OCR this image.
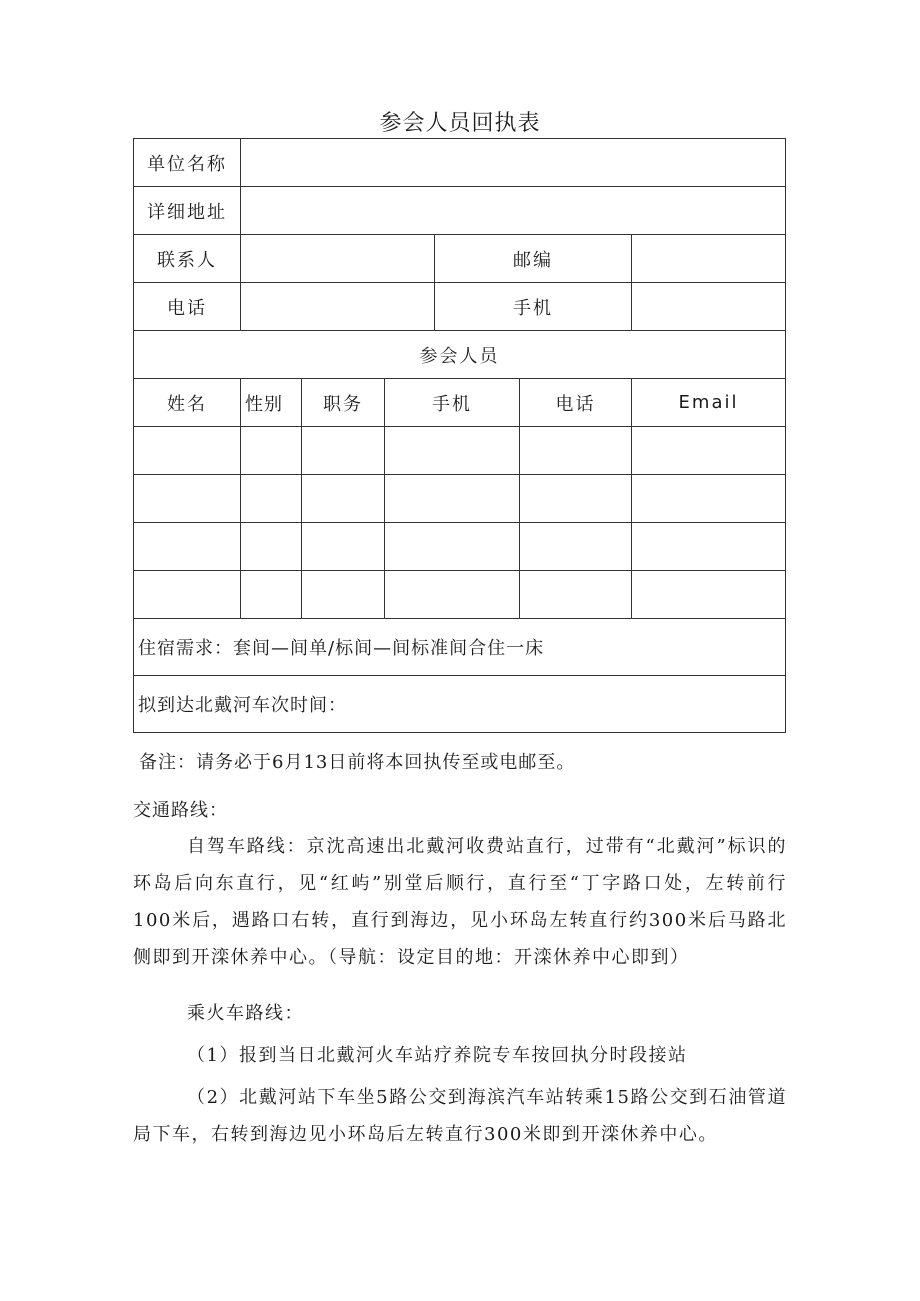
参会人员回执表
单位名称						
详细地址						
联系人				邮编		
电话				手机		
参会人员						
姓名	性别	职务	手机		电话	Email

住宿需求：套间—间单/标间—间标准间合住一床						
拟到达北戴河车次时间：						
备注：请务必于6月13日前将本回执传至或电邮至。
交通路线：
自驾车路线：京沈高速出北戴河收费站直行，过带有“北戴河”标识的环岛后向东直行，见“红屿”别堂后顺行，直行至“丁字路口处，左转前行100米后，遇路口右转，直行到海边，见小环岛左转直行约300米后马路北侧即到开滦休养中心。（导航：设定目的地：开滦休养中心即到）
乘火车路线：
（1）报到当日北戴河火车站疗养院专车按回执分时段接站
（2）北戴河站下车坐5路公交到海滨汽车站转乘15路公交到石油管道局下车，右转到海边见小环岛后左转直行300米即到开滦休养中心。
